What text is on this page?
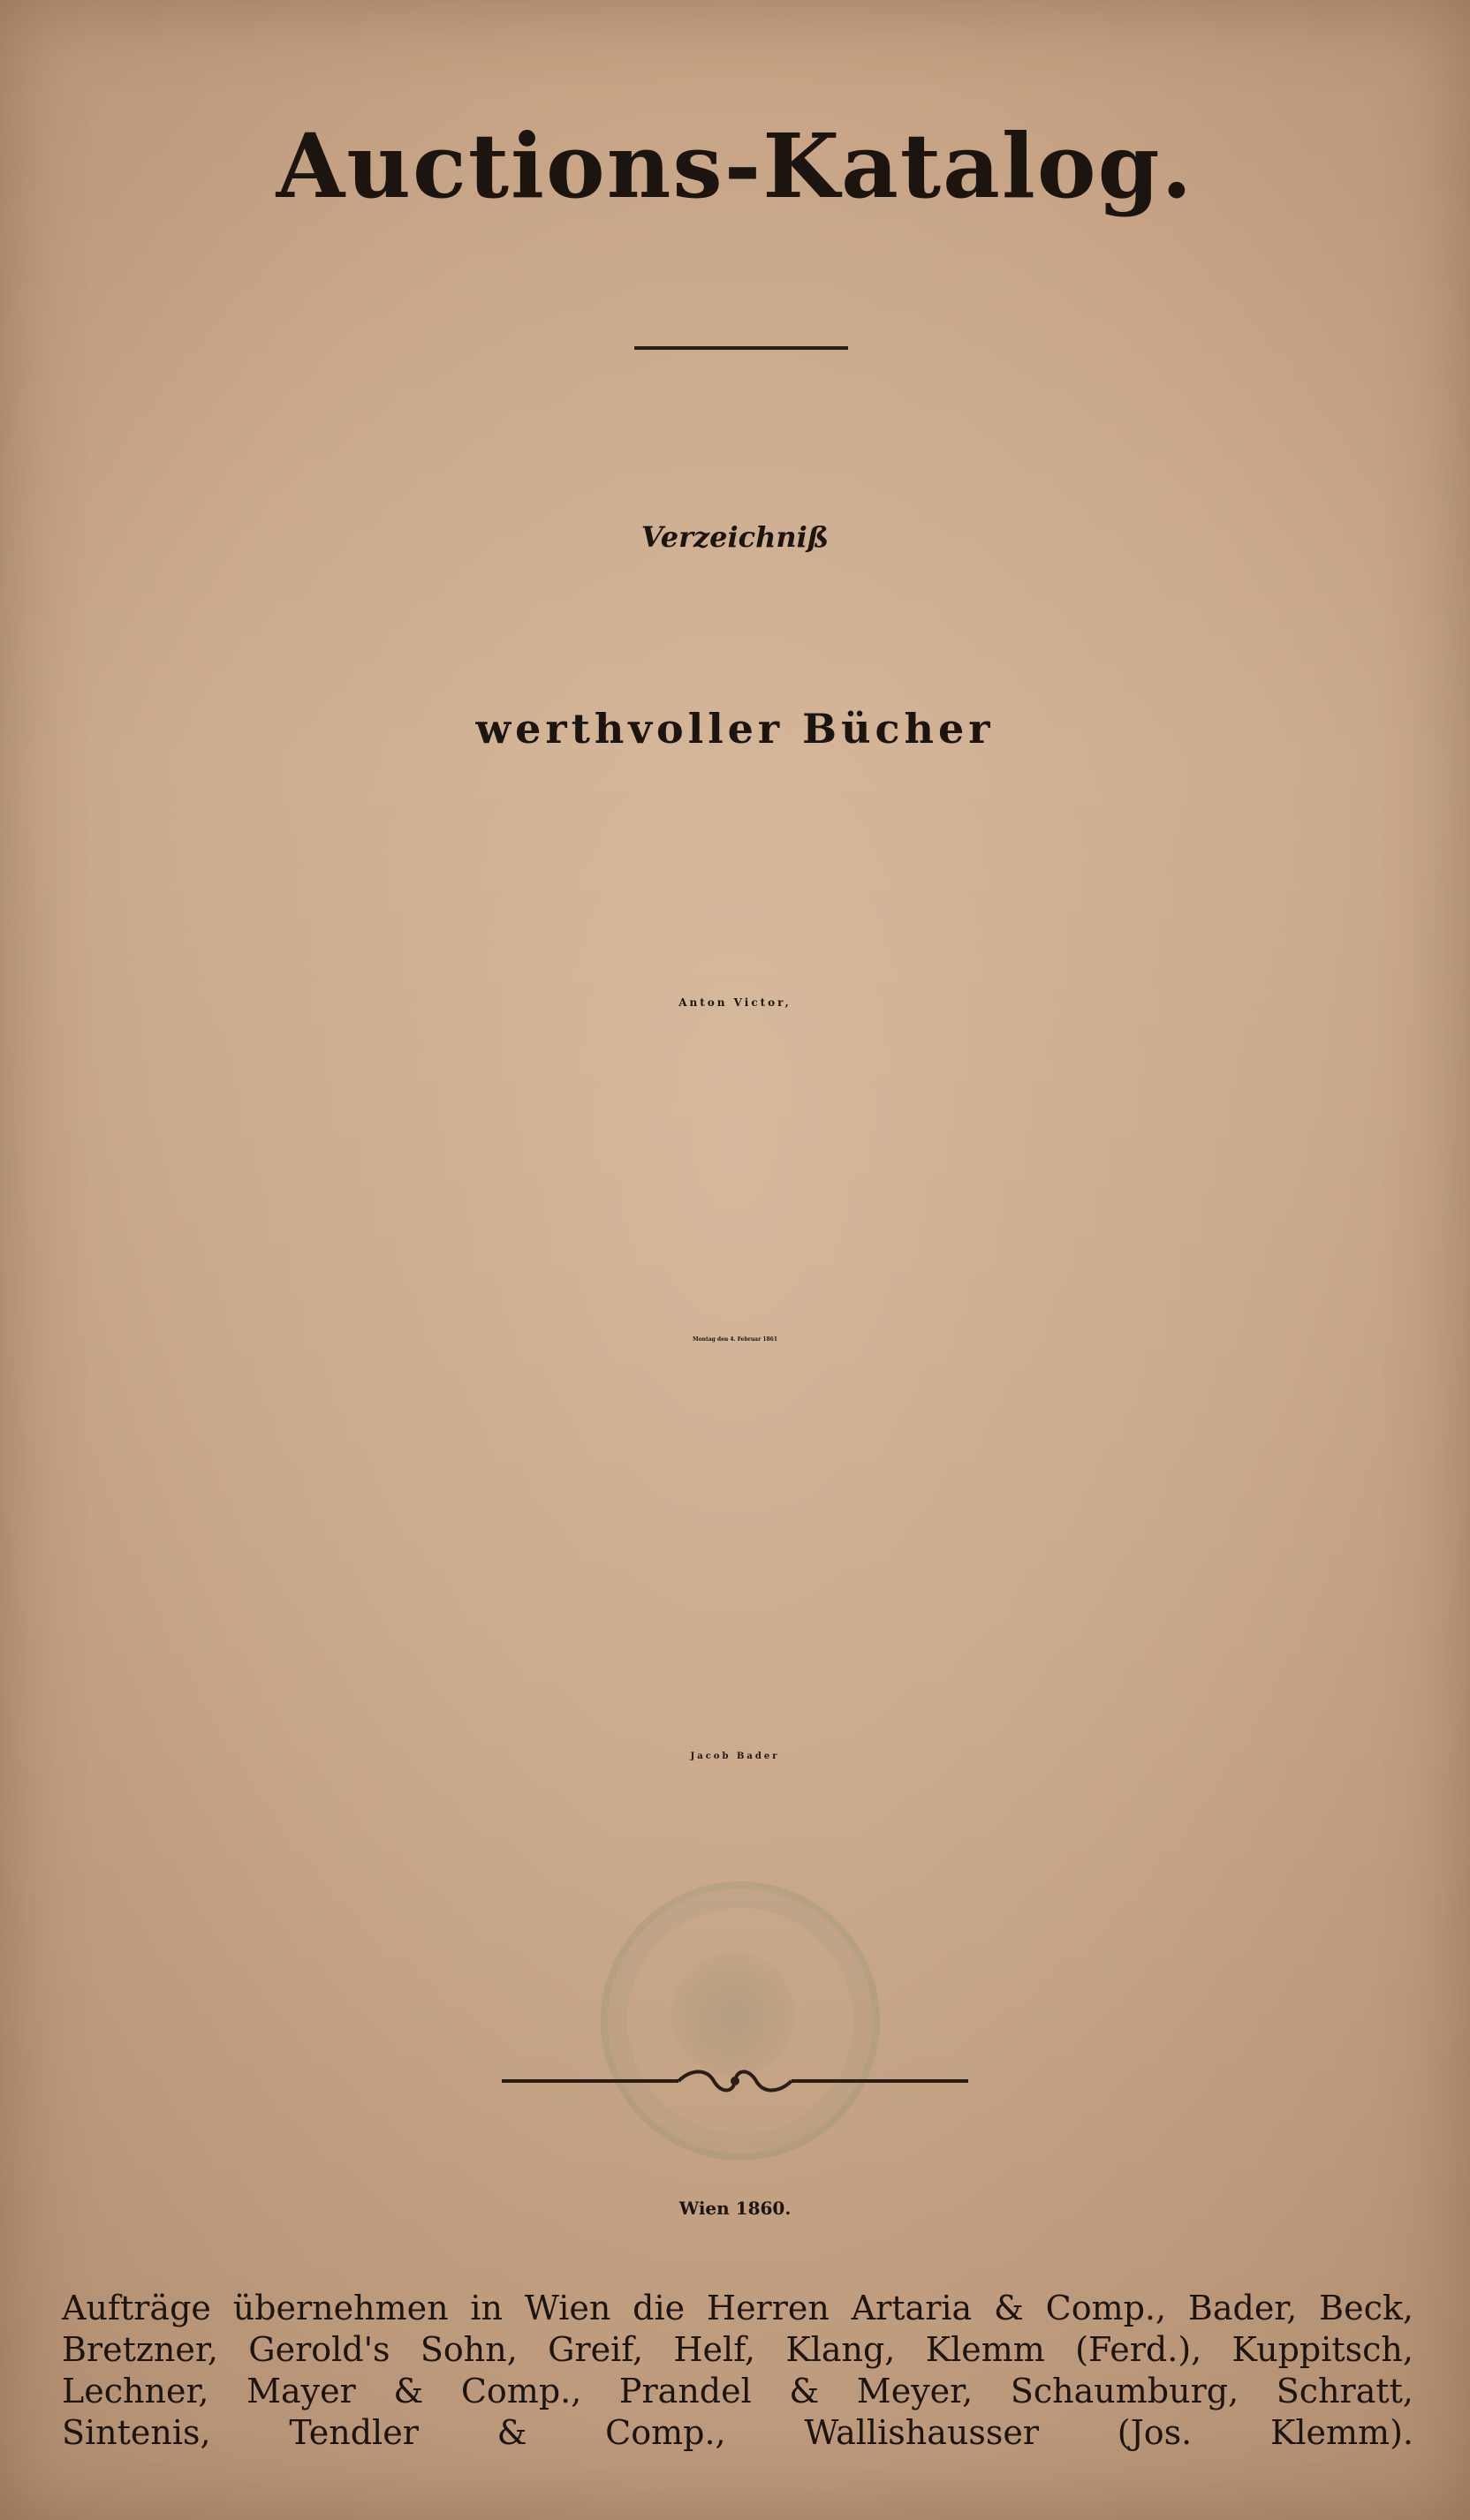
Auctions-Katalog.
Verzeichniß
werthvoller Bücher
Anton Victor,
Montag den 4. Februar 1861
Jacob Bader
Wien 1860.
Aufträge übernehmen in Wien die Herren Artaria & Comp., Bader, Beck,
Bretzner, Gerold's Sohn, Greif, Helf, Klang, Klemm (Ferd.), Kuppitsch,
Lechner, Mayer & Comp., Prandel & Meyer, Schaumburg, Schratt,
Sintenis, Tendler & Comp., Wallishausser (Jos. Klemm).
